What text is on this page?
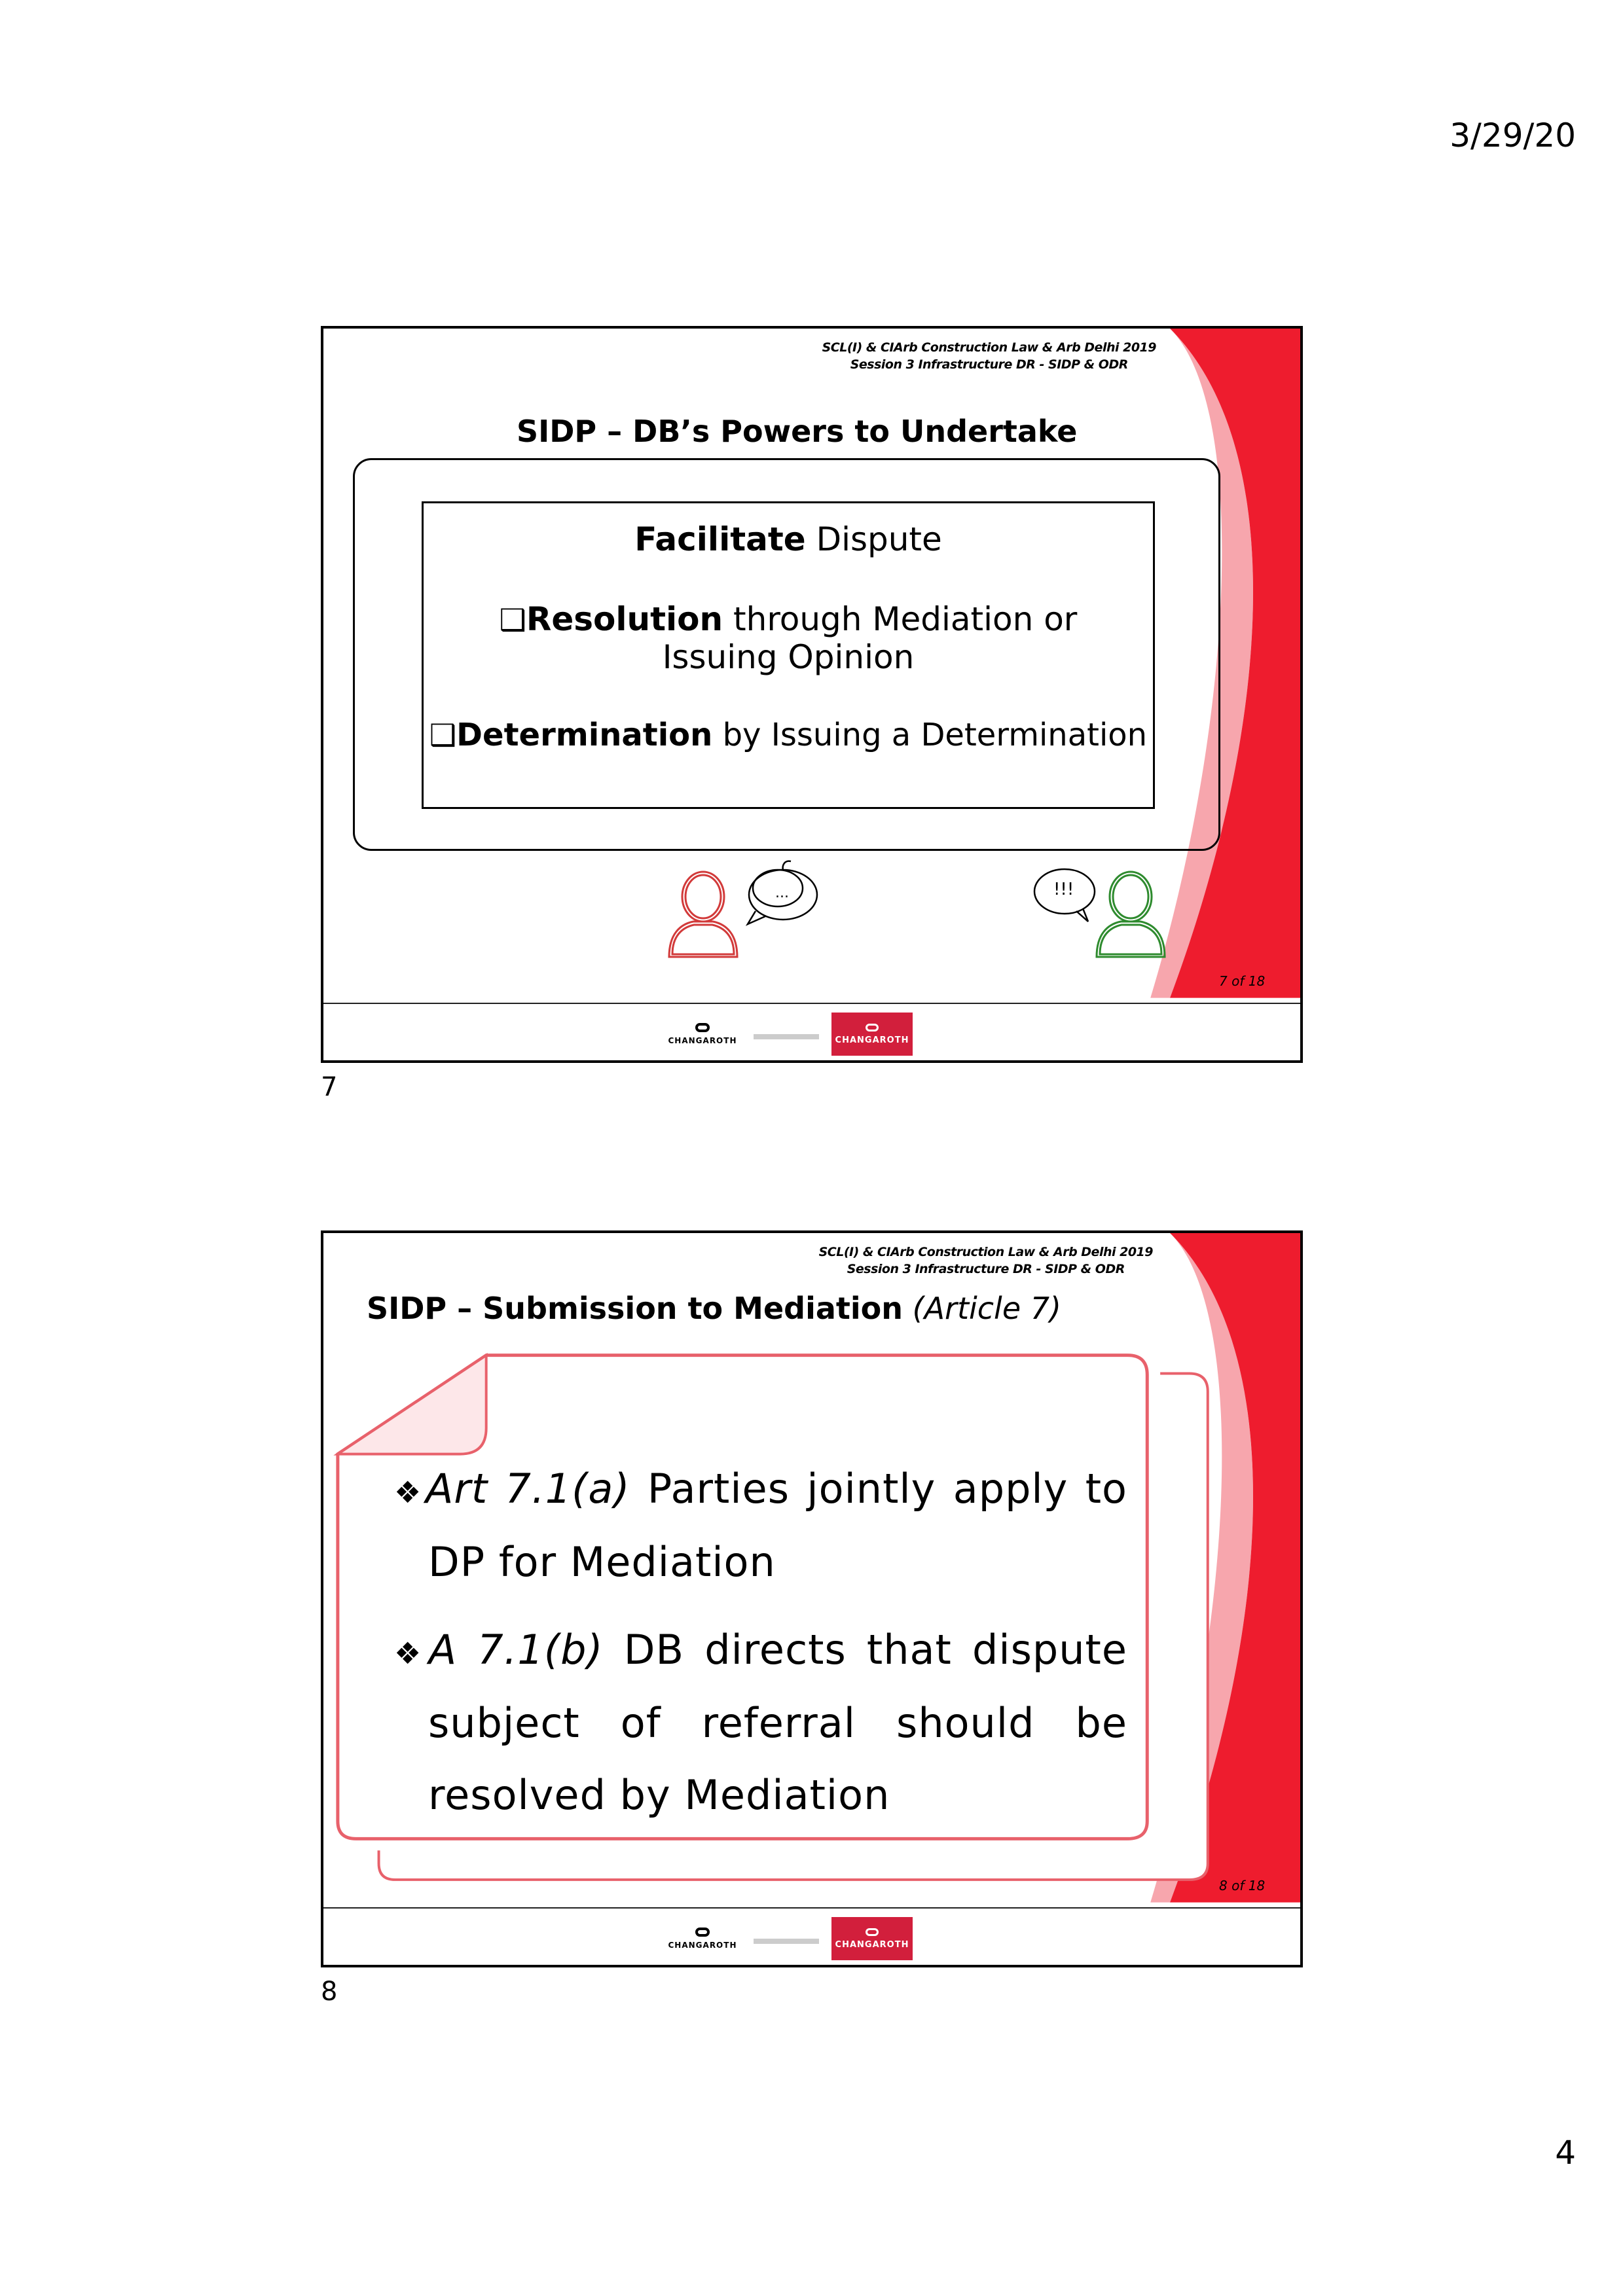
3/29/20
SCL(I) & CIArb Construction Law & Arb Delhi 2019
Session 3 Infrastructure DR - SIDP & ODR
SIDP – DB’s Powers to Undertake
Facilitate Dispute
❑Resolution through Mediation or
Issuing Opinion
❑Determination by Issuing a Determination
...	!!!
7 of 18
CHANGAROTH	CHANGAROTH
7
SCL(I) & CIArb Construction Law & Arb Delhi 2019
Session 3 Infrastructure DR - SIDP & ODR
SIDP – Submission to Mediation (Article 7)
❖Art 7.1(a) Parties jointly apply to
DP for Mediation
❖A 7.1(b) DB directs that dispute
subject of referral should be
resolved by Mediation
8 of 18
CHANGAROTH	CHANGAROTH
8
4
